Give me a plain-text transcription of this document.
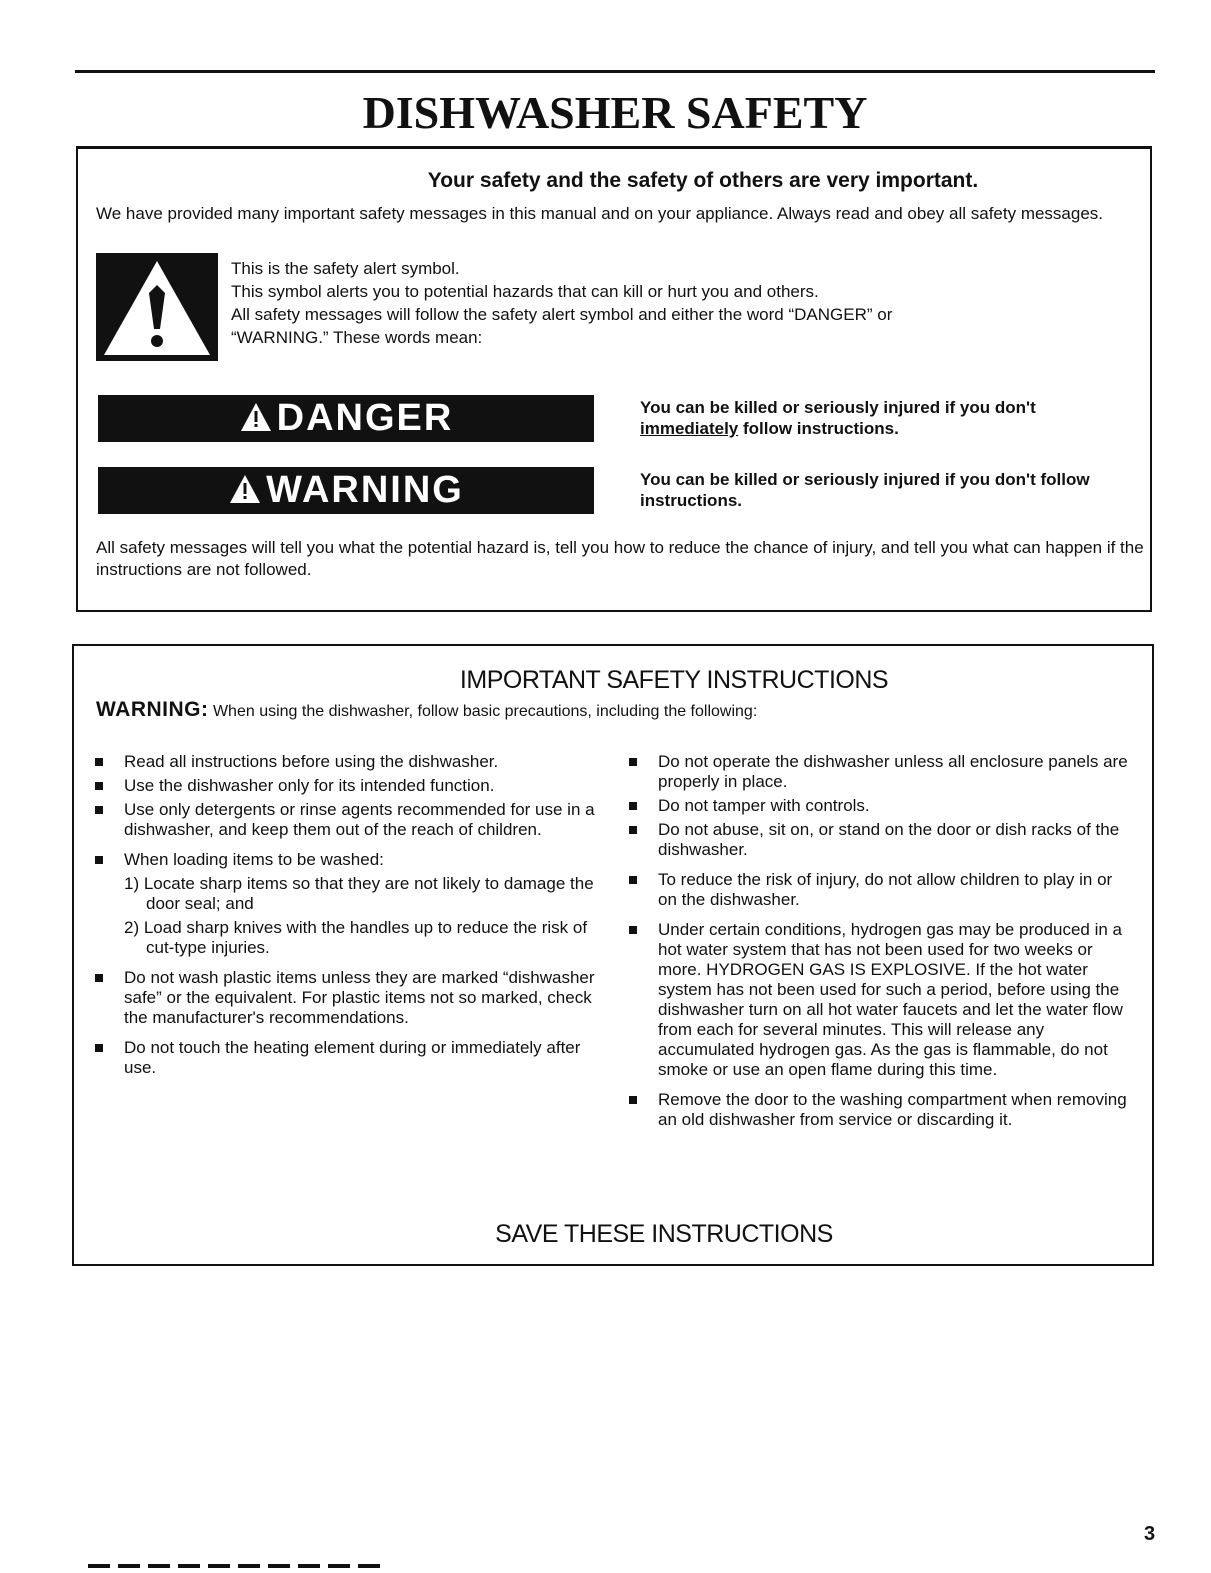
DISHWASHER SAFETY
Your safety and the safety of others are very important.
We have provided many important safety messages in this manual and on your appliance. Always read and obey all safety messages.
This is the safety alert symbol.
This symbol alerts you to potential hazards that can kill or hurt you and others.
All safety messages will follow the safety alert symbol and either the word “DANGER” or
“WARNING.” These words mean:
DANGER	You can be killed or seriously injured if you don't immediately follow instructions.
WARNING	You can be killed or seriously injured if you don't follow instructions.
All safety messages will tell you what the potential hazard is, tell you how to reduce the chance of injury, and tell you what can happen if the instructions are not followed.
IMPORTANT SAFETY INSTRUCTIONS
WARNING: When using the dishwasher, follow basic precautions, including the following:
Read all instructions before using the dishwasher.
Use the dishwasher only for its intended function.
Use only detergents or rinse agents recommended for use in a dishwasher, and keep them out of the reach of children.
When loading items to be washed:
1) Locate sharp items so that they are not likely to damage the door seal; and
2) Load sharp knives with the handles up to reduce the risk of cut-type injuries.
Do not wash plastic items unless they are marked “dishwasher safe” or the equivalent. For plastic items not so marked, check the manufacturer's recommendations.
Do not touch the heating element during or immediately after use.
Do not operate the dishwasher unless all enclosure panels are properly in place.
Do not tamper with controls.
Do not abuse, sit on, or stand on the door or dish racks of the dishwasher.
To reduce the risk of injury, do not allow children to play in or on the dishwasher.
Under certain conditions, hydrogen gas may be produced in a hot water system that has not been used for two weeks or more. HYDROGEN GAS IS EXPLOSIVE. If the hot water system has not been used for such a period, before using the dishwasher turn on all hot water faucets and let the water flow from each for several minutes. This will release any accumulated hydrogen gas. As the gas is flammable, do not smoke or use an open flame during this time.
Remove the door to the washing compartment when removing an old dishwasher from service or discarding it.
SAVE THESE INSTRUCTIONS
3
